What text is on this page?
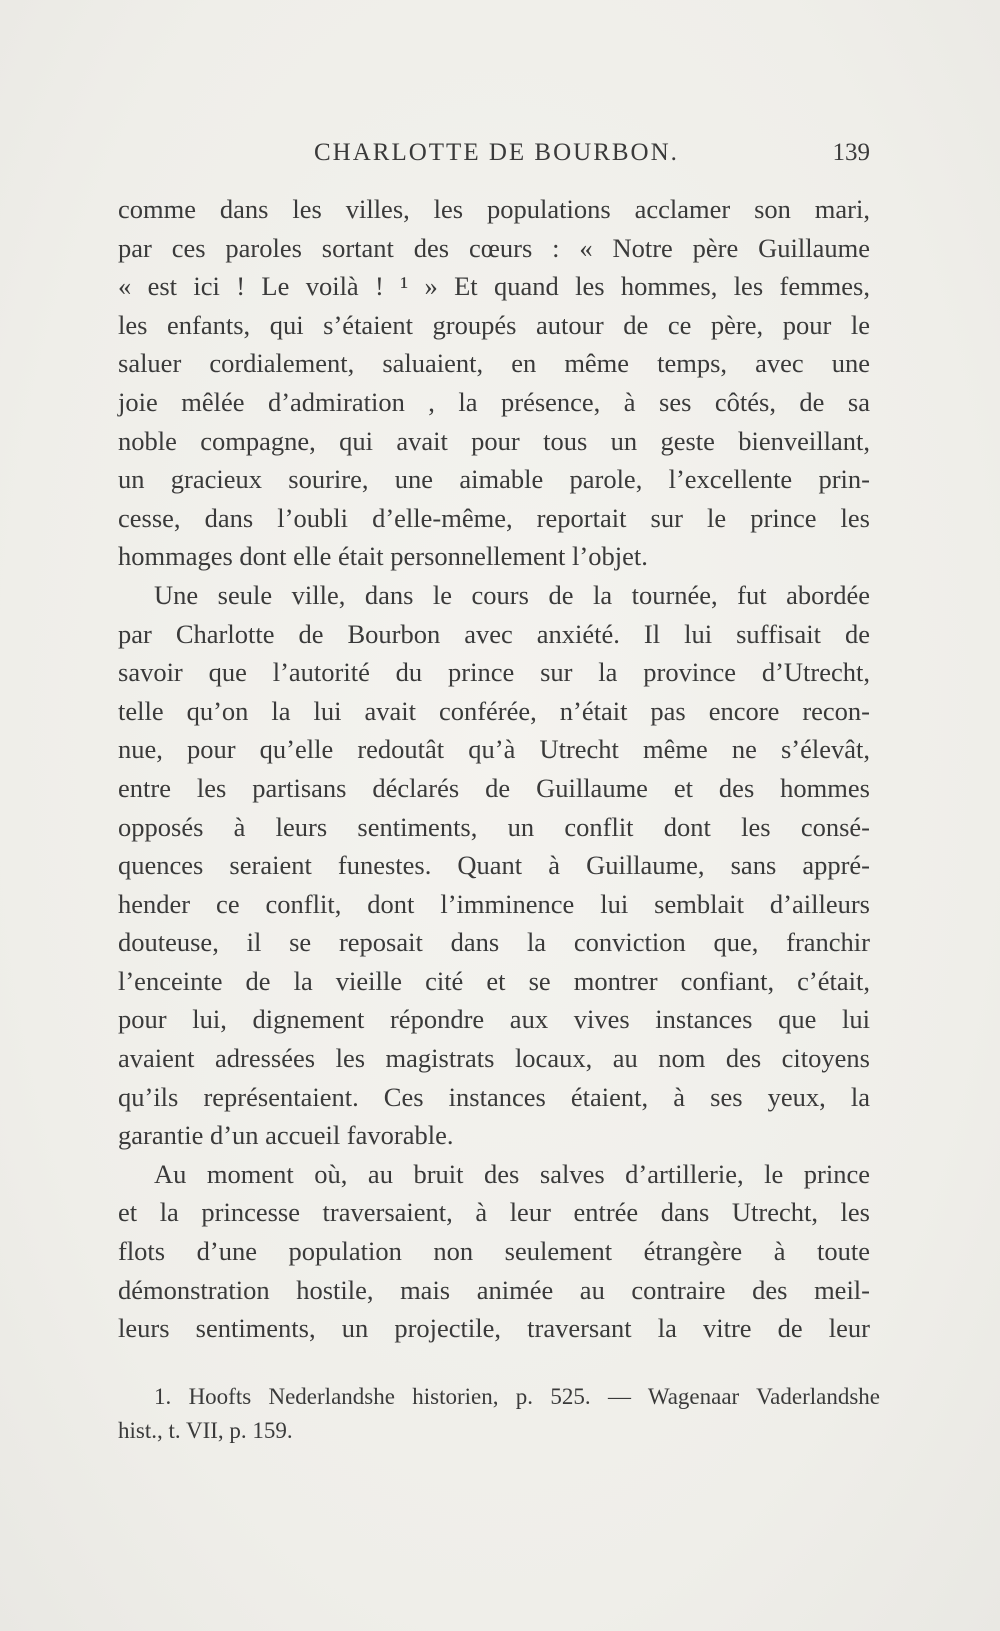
CHARLOTTE DE BOURBON.	139
comme dans les villes, les populations acclamer son mari,
par ces paroles sortant des cœurs : « Notre père Guillaume
« est ici ! Le voilà ! ¹ » Et quand les hommes, les femmes,
les enfants, qui s’étaient groupés autour de ce père, pour le
saluer cordialement, saluaient, en même temps, avec une
joie mêlée d’admiration , la présence, à ses côtés, de sa
noble compagne, qui avait pour tous un geste bienveillant,
un gracieux sourire, une aimable parole, l’excellente prin-
cesse, dans l’oubli d’elle-même, reportait sur le prince les
hommages dont elle était personnellement l’objet.
Une seule ville, dans le cours de la tournée, fut abordée
par Charlotte de Bourbon avec anxiété. Il lui suffisait de
savoir que l’autorité du prince sur la province d’Utrecht,
telle qu’on la lui avait conférée, n’était pas encore recon-
nue, pour qu’elle redoutât qu’à Utrecht même ne s’élevât,
entre les partisans déclarés de Guillaume et des hommes
opposés à leurs sentiments, un conflit dont les consé-
quences seraient funestes. Quant à Guillaume, sans appré-
hender ce conflit, dont l’imminence lui semblait d’ailleurs
douteuse, il se reposait dans la conviction que, franchir
l’enceinte de la vieille cité et se montrer confiant, c’était,
pour lui, dignement répondre aux vives instances que lui
avaient adressées les magistrats locaux, au nom des citoyens
qu’ils représentaient. Ces instances étaient, à ses yeux, la
garantie d’un accueil favorable.
Au moment où, au bruit des salves d’artillerie, le prince
et la princesse traversaient, à leur entrée dans Utrecht, les
flots d’une population non seulement étrangère à toute
démonstration hostile, mais animée au contraire des meil-
leurs sentiments, un projectile, traversant la vitre de leur
1. Hoofts Nederlandshe historien, p. 525. — Wagenaar Vaderlandshe
hist., t. VII, p. 159.
